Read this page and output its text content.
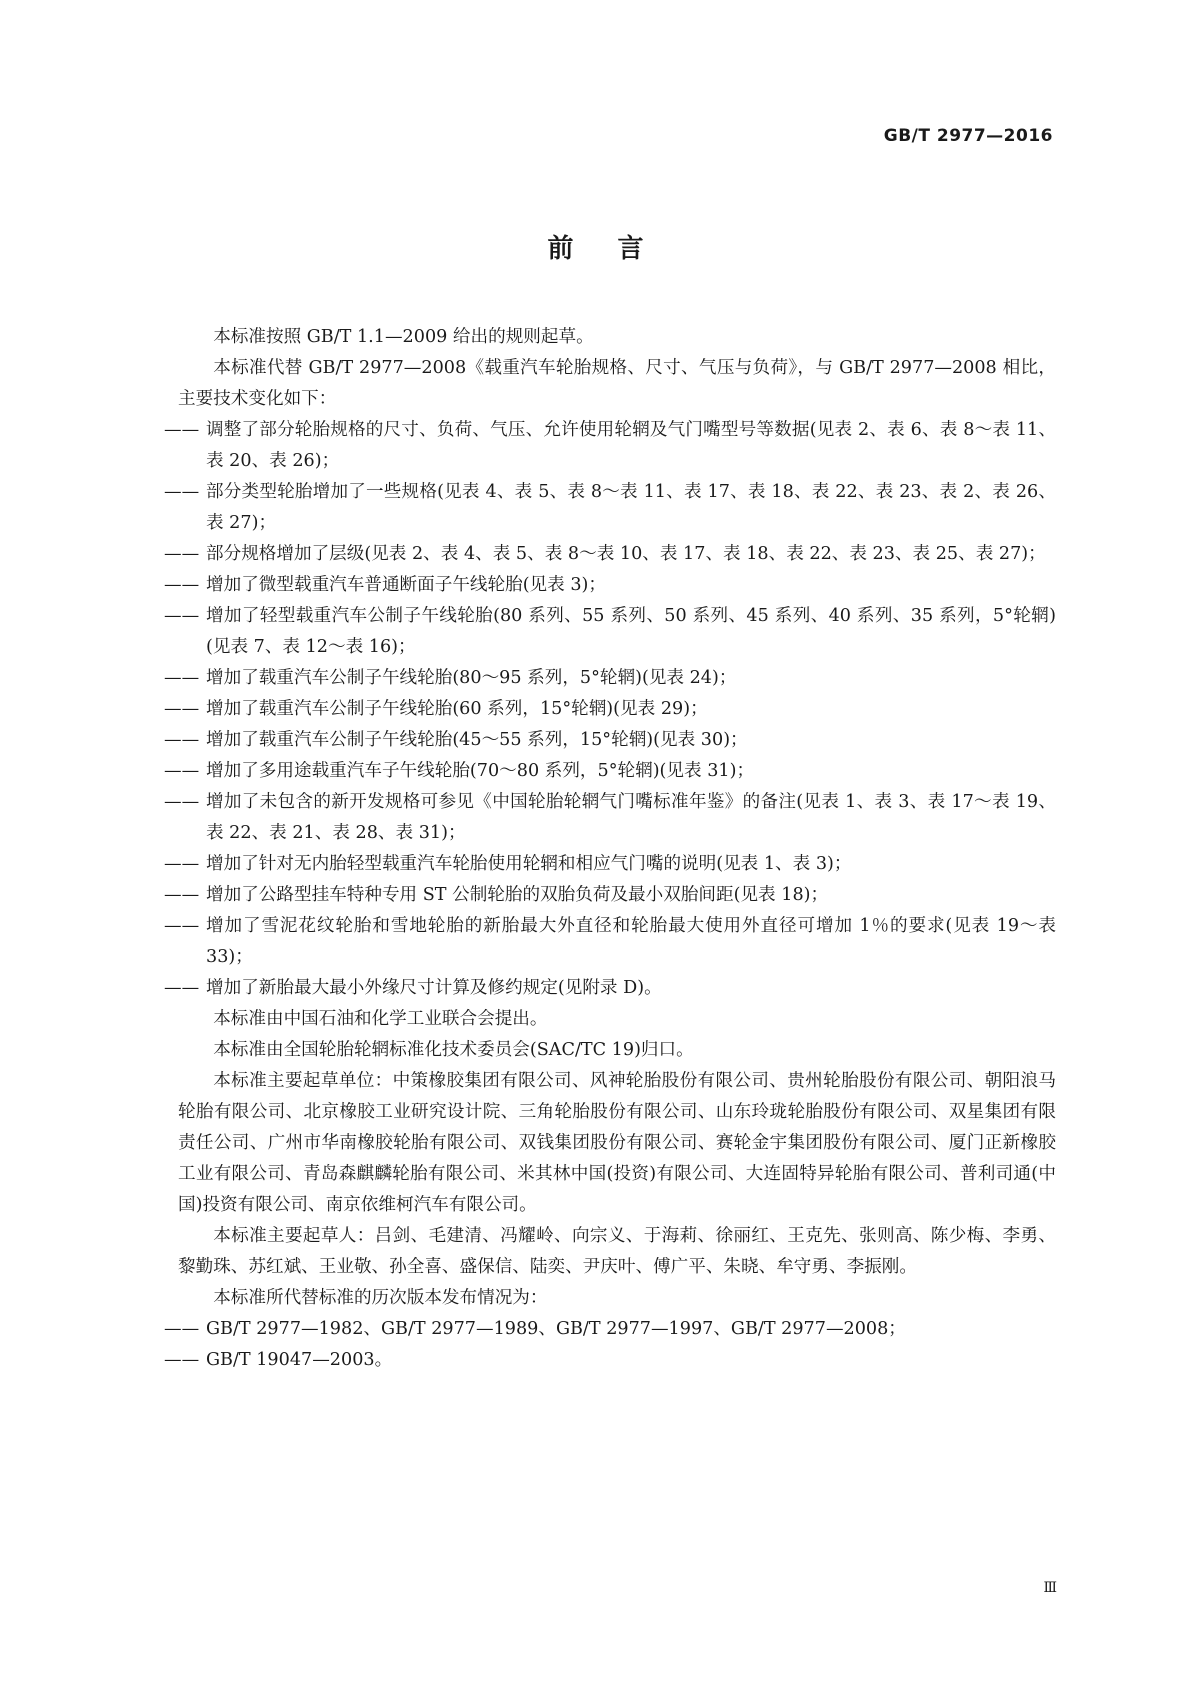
GB/T 2977—2016
前言

本标准按照 GB/T 1.1—2009 给出的规则起草。

本标准代替 GB/T 2977—2008《载重汽车轮胎规格、尺寸、气压与负荷》，与 GB/T 2977—2008 相比，主要技术变化如下：

—— 调整了部分轮胎规格的尺寸、负荷、气压、允许使用轮辋及气门嘴型号等数据(见表 2、表 6、表 8～表 11、表 20、表 26)；
—— 部分类型轮胎增加了一些规格(见表 4、表 5、表 8～表 11、表 17、表 18、表 22、表 23、表 2、表 26、表 27)；
—— 部分规格增加了层级(见表 2、表 4、表 5、表 8～表 10、表 17、表 18、表 22、表 23、表 25、表 27)；
—— 增加了微型载重汽车普通断面子午线轮胎(见表 3)；
—— 增加了轻型载重汽车公制子午线轮胎(80 系列、55 系列、50 系列、45 系列、40 系列、35 系列，5°轮辋)(见表 7、表 12～表 16)；
—— 增加了载重汽车公制子午线轮胎(80～95 系列，5°轮辋)(见表 24)；
—— 增加了载重汽车公制子午线轮胎(60 系列，15°轮辋)(见表 29)；
—— 增加了载重汽车公制子午线轮胎(45～55 系列，15°轮辋)(见表 30)；
—— 增加了多用途载重汽车子午线轮胎(70～80 系列，5°轮辋)(见表 31)；
—— 增加了未包含的新开发规格可参见《中国轮胎轮辋气门嘴标准年鉴》的备注(见表 1、表 3、表 17～表 19、表 22、表 21、表 28、表 31)；
—— 增加了针对无内胎轻型载重汽车轮胎使用轮辋和相应气门嘴的说明(见表 1、表 3)；
—— 增加了公路型挂车特种专用 ST 公制轮胎的双胎负荷及最小双胎间距(见表 18)；
—— 增加了雪泥花纹轮胎和雪地轮胎的新胎最大外直径和轮胎最大使用外直径可增加 1％的要求(见表 19～表 33)；
—— 增加了新胎最大最小外缘尺寸计算及修约规定(见附录 D)。

本标准由中国石油和化学工业联合会提出。

本标准由全国轮胎轮辋标准化技术委员会(SAC/TC 19)归口。

本标准主要起草单位：中策橡胶集团有限公司、风神轮胎股份有限公司、贵州轮胎股份有限公司、朝阳浪马轮胎有限公司、北京橡胶工业研究设计院、三角轮胎股份有限公司、山东玲珑轮胎股份有限公司、双星集团有限责任公司、广州市华南橡胶轮胎有限公司、双钱集团股份有限公司、赛轮金宇集团股份有限公司、厦门正新橡胶工业有限公司、青岛森麒麟轮胎有限公司、米其林中国(投资)有限公司、大连固特异轮胎有限公司、普利司通(中国)投资有限公司、南京依维柯汽车有限公司。

本标准主要起草人：吕剑、毛建清、冯耀岭、向宗义、于海莉、徐丽红、王克先、张则高、陈少梅、李勇、黎勤珠、苏红斌、王业敬、孙全喜、盛保信、陆奕、尹庆叶、傅广平、朱晓、牟守勇、李振刚。

本标准所代替标准的历次版本发布情况为：

—— GB/T 2977—1982、GB/T 2977—1989、GB/T 2977—1997、GB/T 2977—2008；
—— GB/T 19047—2003。
Ⅲ
